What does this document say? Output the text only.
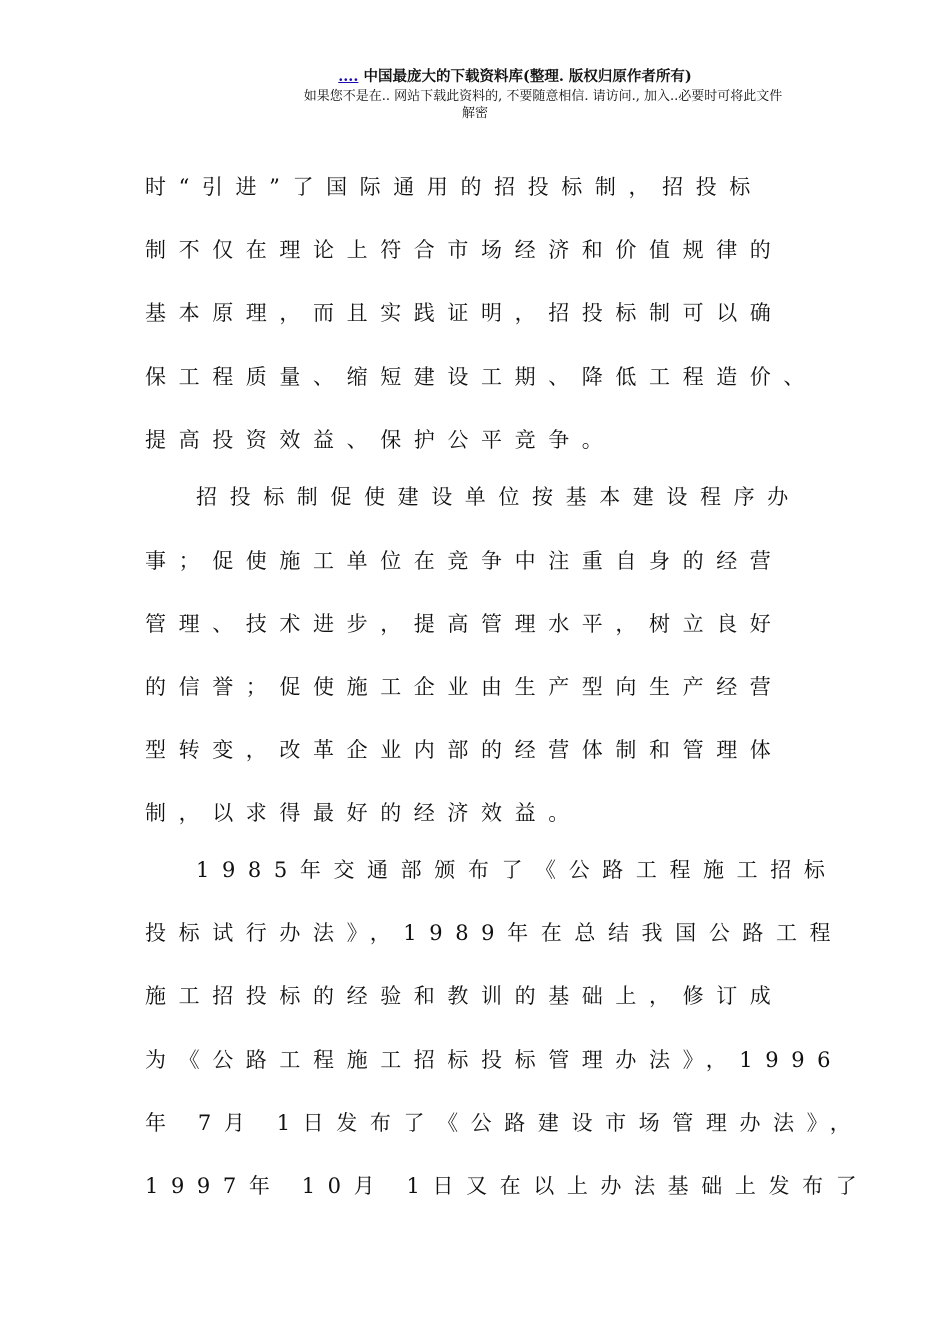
.... 中国最庞大的下载资料库(整理. 版权归原作者所有)
如果您不是在.. 网站下载此资料的, 不要随意相信. 请访问., 加入..必要时可将此文件
解密
时“引进”了国际通用的招投标制，招投标
制不仅在理论上符合市场经济和价值规律的
基本原理，而且实践证明，招投标制可以确
保工程质量、缩短建设工期、降低工程造价、
提高投资效益、保护公平竞争。
招投标制促使建设单位按基本建设程序办
事；促使施工单位在竞争中注重自身的经营
管理、技术进步，提高管理水平，树立良好
的信誉；促使施工企业由生产型向生产经营
型转变，改革企业内部的经营体制和管理体
制，以求得最好的经济效益。
1985年交通部颁布了《公路工程施工招标
投标试行办法》，1989年在总结我国公路工程
施工招投标的经验和教训的基础上，修订成
为《公路工程施工招标投标管理办法》，1996
年 7月 1日发布了《公路建设市场管理办法》，
1997年 10月 1日又在以上办法基础上发布了
